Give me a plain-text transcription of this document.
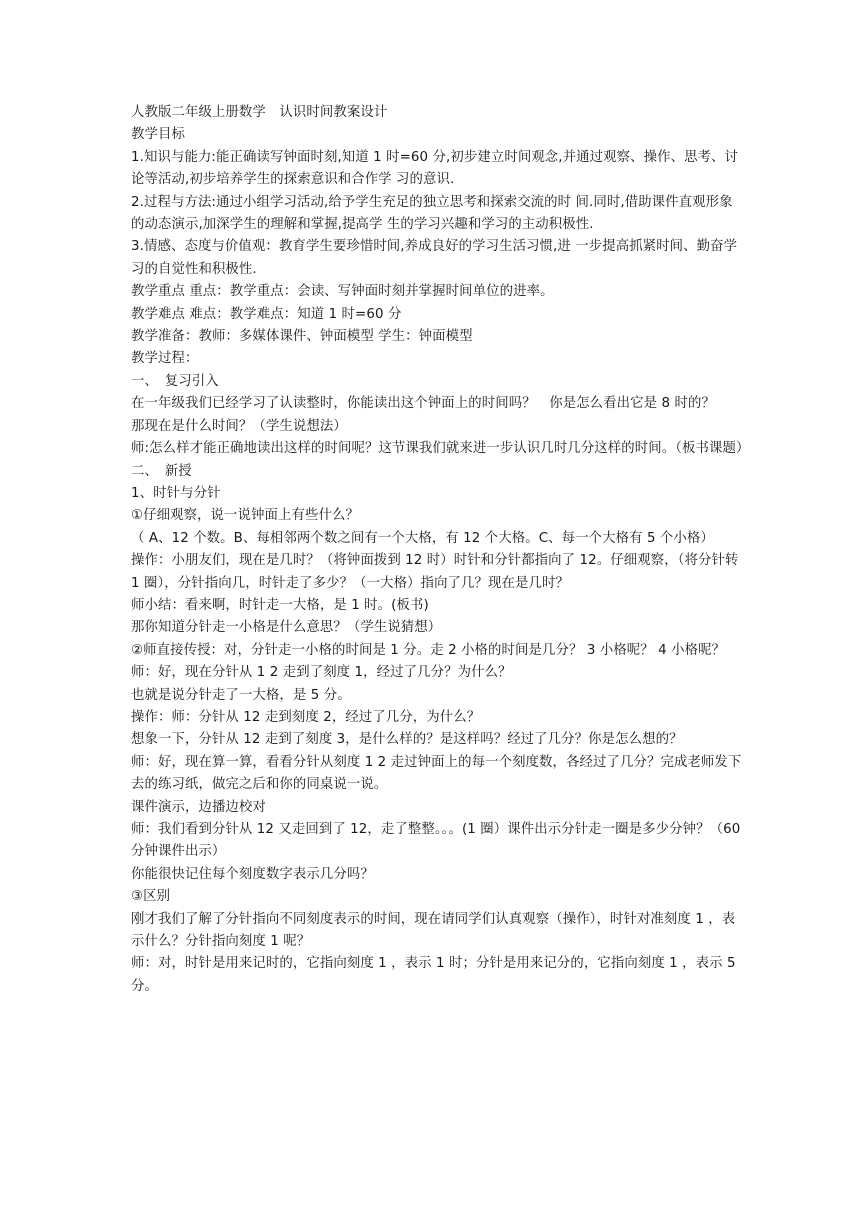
人教版二年级上册数学　认识时间教案设计

教学目标

1.知识与能力:能正确读写钟面时刻,知道 1 时=60 分,初步建立时间观念,并通过观察、操作、思考、讨论等活动,初步培养学生的探索意识和合作学 习的意识.

2.过程与方法:通过小组学习活动,给予学生充足的独立思考和探索交流的时 间.同时,借助课件直观形象的动态演示,加深学生的理解和掌握,提高学 生的学习兴趣和学习的主动积极性.

3.情感、态度与价值观：教育学生要珍惜时间,养成良好的学习生活习惯,进 一步提高抓紧时间、勤奋学习的自觉性和积极性.

教学重点 重点：教学重点：会读、写钟面时刻并掌握时间单位的进率。

教学难点 难点：教学难点：知道 1 时=60 分

教学准备：教师：多媒体课件、钟面模型 学生：钟面模型

教学过程：

一、　复习引入

在一年级我们已经学习了认读整时，你能读出这个钟面上的时间吗？　你是怎么看出它是 8 时的？

那现在是什么时间？（学生说想法）

师:怎么样才能正确地读出这样的时间呢？这节课我们就来进一步认识几时几分这样的时间。（板书课题）

二、　新授

1、时针与分针

①仔细观察，说一说钟面上有些什么？

（ A、12 个数。B、每相邻两个数之间有一个大格，有 12 个大格。C、每一个大格有 5 个小格）

操作：小朋友们，现在是几时？（将钟面拨到 12 时）时针和分针都指向了 12。仔细观察，（将分针转 1 圈），分针指向几，时针走了多少？（一大格）指向了几？现在是几时？

师小结：看来啊，时针走一大格，是 1 时。(板书)

那你知道分针走一小格是什么意思？（学生说猜想）

②师直接传授：对，分针走一小格的时间是 1 分。走 2 小格的时间是几分？ 3 小格呢？ 4 小格呢？

师：好，现在分针从 1 2 走到了刻度 1，经过了几分？为什么？

也就是说分针走了一大格，是 5 分。

操作：师：分针从 12 走到刻度 2，经过了几分，为什么？

想象一下，分针从 12 走到了刻度 3，是什么样的？是这样吗？经过了几分？你是怎么想的？

师：好，现在算一算，看看分针从刻度 1 2 走过钟面上的每一个刻度数，各经过了几分？完成老师发下去的练习纸，做完之后和你的同桌说一说。

课件演示，边播边校对

师：我们看到分针从 12 又走回到了 12，走了整整。。。(1 圈）课件出示分针走一圈是多少分钟？（60 分钟课件出示）

你能很快记住每个刻度数字表示几分吗？

③区别

刚才我们了解了分针指向不同刻度表示的时间，现在请同学们认真观察（操作），时针对准刻度 1 ，表示什么？分针指向刻度 1 呢？

师：对，时针是用来记时的，它指向刻度 1 ，表示 1 时；分针是用来记分的，它指向刻度 1 ，表示 5 分。
